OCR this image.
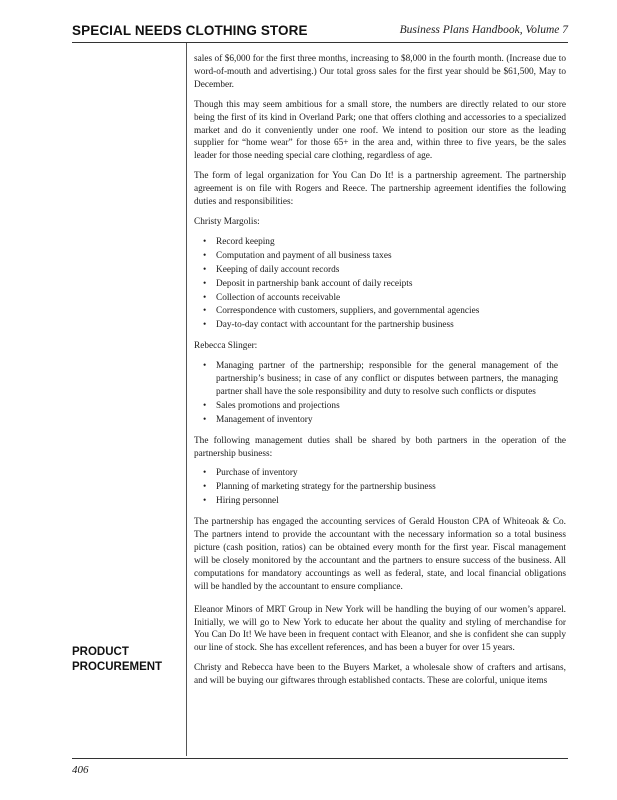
SPECIAL NEEDS CLOTHING STORE	Business Plans Handbook, Volume 7

sales of $6,000 for the first three months, increasing to $8,000 in the fourth month. (Increase due to word-of-mouth and advertising.) Our total gross sales for the first year should be $61,500, May to December.

Though this may seem ambitious for a small store, the numbers are directly related to our store being the first of its kind in Overland Park; one that offers clothing and accessories to a specialized market and do it conveniently under one roof. We intend to position our store as the leading supplier for “home wear” for those 65+ in the area and, within three to five years, be the sales leader for those needing special care clothing, regardless of age.

The form of legal organization for You Can Do It! is a partnership agreement. The partnership agreement is on file with Rogers and Reece. The partnership agreement identifies the following duties and responsibilities:

Christy Margolis:

• Record keeping
• Computation and payment of all business taxes
• Keeping of daily account records
• Deposit in partnership bank account of daily receipts
• Collection of accounts receivable
• Correspondence with customers, suppliers, and governmental agencies
• Day-to-day contact with accountant for the partnership business

Rebecca Slinger:

• Managing partner of the partnership; responsible for the general management of the partnership’s business; in case of any conflict or disputes between partners, the managing partner shall have the sole responsibility and duty to resolve such conflicts or disputes
• Sales promotions and projections
• Management of inventory

The following management duties shall be shared by both partners in the operation of the partnership business:

• Purchase of inventory
• Planning of marketing strategy for the partnership business
• Hiring personnel

The partnership has engaged the accounting services of Gerald Houston CPA of Whiteoak & Co. The partners intend to provide the accountant with the necessary information so a total business picture (cash position, ratios) can be obtained every month for the first year. Fiscal management will be closely monitored by the accountant and the partners to ensure success of the business. All computations for mandatory accountings as well as federal, state, and local financial obligations will be handled by the accountant to ensure compliance.

Eleanor Minors of MRT Group in New York will be handling the buying of our women’s apparel. Initially, we will go to New York to educate her about the quality and styling of merchandise for You Can Do It! We have been in frequent contact with Eleanor, and she is confident she can supply our line of stock. She has excellent references, and has been a buyer for over 15 years.

Christy and Rebecca have been to the Buyers Market, a wholesale show of crafters and artisans, and will be buying our giftwares through established contacts. These are colorful, unique items

PRODUCT
PROCUREMENT
406
